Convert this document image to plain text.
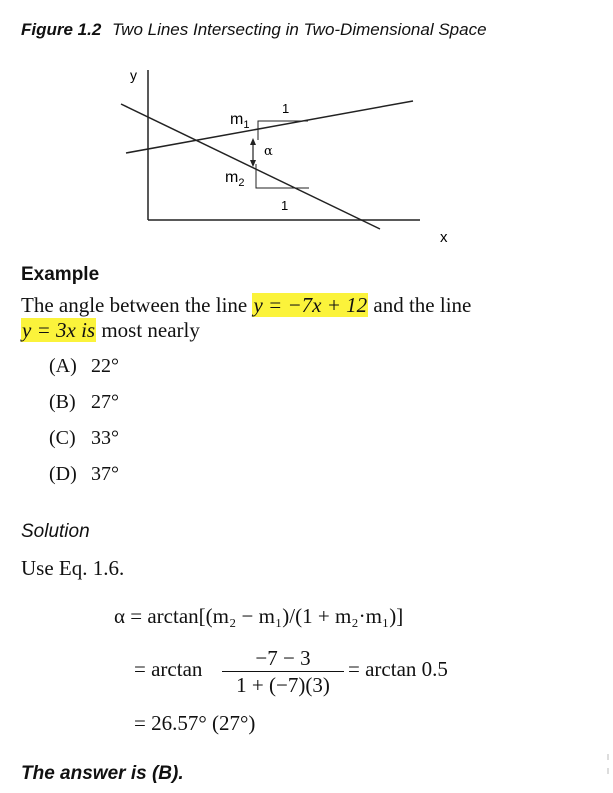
Figure 1.2 Two Lines Intersecting in Two-Dimensional Space
y
x
$m_1$
$m_2$
α
1
1
Example
The angle between the line y = −7x + 12 and the line
y = 3x is most nearly
(A) 22°
(B) 27°
(C) 33°
(D) 37°
Solution
Use Eq. 1.6.
α = arctan[(m₂ − m₁)/(1 + m₂·m₁)]
= arctan	−7 − 3
1 + (−7)(3)
= arctan 0.5
= 26.57° (27°)
The answer is (B).
